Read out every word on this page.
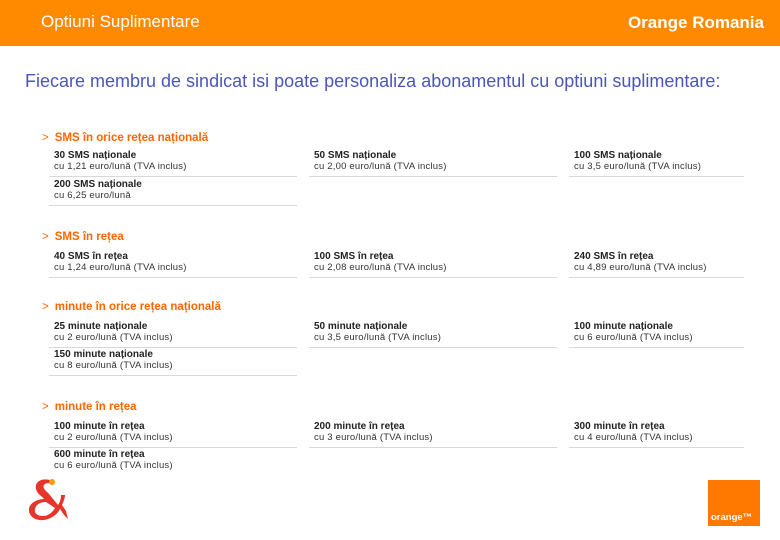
Optiuni Suplimentare	Orange Romania
Fiecare membru de sindicat isi poate personaliza abonamentul cu optiuni suplimentare:
> SMS în orice rețea națională
30 SMS naționale
cu 1,21 euro/lună (TVA inclus)
50 SMS naționale
cu 2,00 euro/lună (TVA inclus)
100 SMS naționale
cu 3,5 euro/lună (TVA inclus)
200 SMS naționale
cu 6,25 euro/lună
> SMS în rețea
40 SMS în rețea
cu 1,24 euro/lună (TVA inclus)
100 SMS în rețea
cu 2,08 euro/lună (TVA inclus)
240 SMS în rețea
cu 4,89 euro/lună (TVA inclus)
> minute în orice rețea națională
25 minute naționale
cu 2 euro/lună (TVA inclus)
50 minute naționale
cu 3,5 euro/lună (TVA inclus)
100 minute naționale
cu 6 euro/lună (TVA inclus)
150 minute naționale
cu 8 euro/lună (TVA inclus)
> minute în rețea
100 minute în rețea
cu 2 euro/lună (TVA inclus)
200 minute în rețea
cu 3 euro/lună (TVA inclus)
300 minute în rețea
cu 4 euro/lună (TVA inclus)
600 minute în rețea
cu 6 euro/lună (TVA inclus)
orange™
